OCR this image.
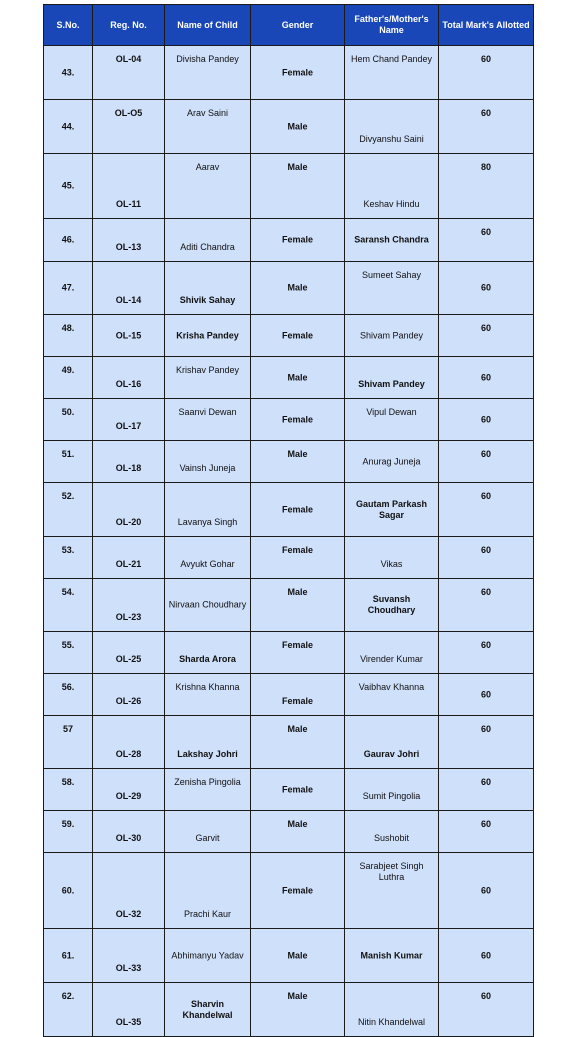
S.No.	Reg. No.	Name of Child	Gender	Father's/Mother's Name	Total Mark's Allotted

43.	OL-04	Divisha Pandey	Female	Hem Chand Pandey	60

44.	OL-O5	Arav Saini	Male	Divyanshu Saini	60

45.	OL-11	Aarav	Male	Keshav Hindu	80

46.	OL-13	Aditi Chandra	Female	Saransh Chandra	60

47.	OL-14	Shivik Sahay	Male	Sumeet Sahay	60

48.	OL-15	Krisha Pandey	Female	Shivam Pandey	60

49.	OL-16	Krishav Pandey	Male	Shivam Pandey	60

50.	OL-17	Saanvi Dewan	Female	Vipul Dewan	60

51.	OL-18	Vainsh Juneja	Male	Anurag Juneja	60

52.	OL-20	Lavanya Singh	Female	Gautam Parkash Sagar	60

53.	OL-21	Avyukt Gohar	Female	Vikas	60

54.	OL-23	Nirvaan Choudhary	Male	Suvansh Choudhary	60

55.	OL-25	Sharda Arora	Female	Virender Kumar	60

56.	OL-26	Krishna Khanna	Female	Vaibhav Khanna	60

57	OL-28	Lakshay Johri	Male	Gaurav Johri	60

58.	OL-29	Zenisha Pingolia	Female	Sumit Pingolia	60

59.	OL-30	Garvit	Male	Sushobit	60

60.	OL-32	Prachi Kaur	Female	Sarabjeet Singh Luthra	60

61.	OL-33	Abhimanyu Yadav	Male	Manish Kumar	60

62.	OL-35	Sharvin Khandelwal	Male	Nitin Khandelwal	60
